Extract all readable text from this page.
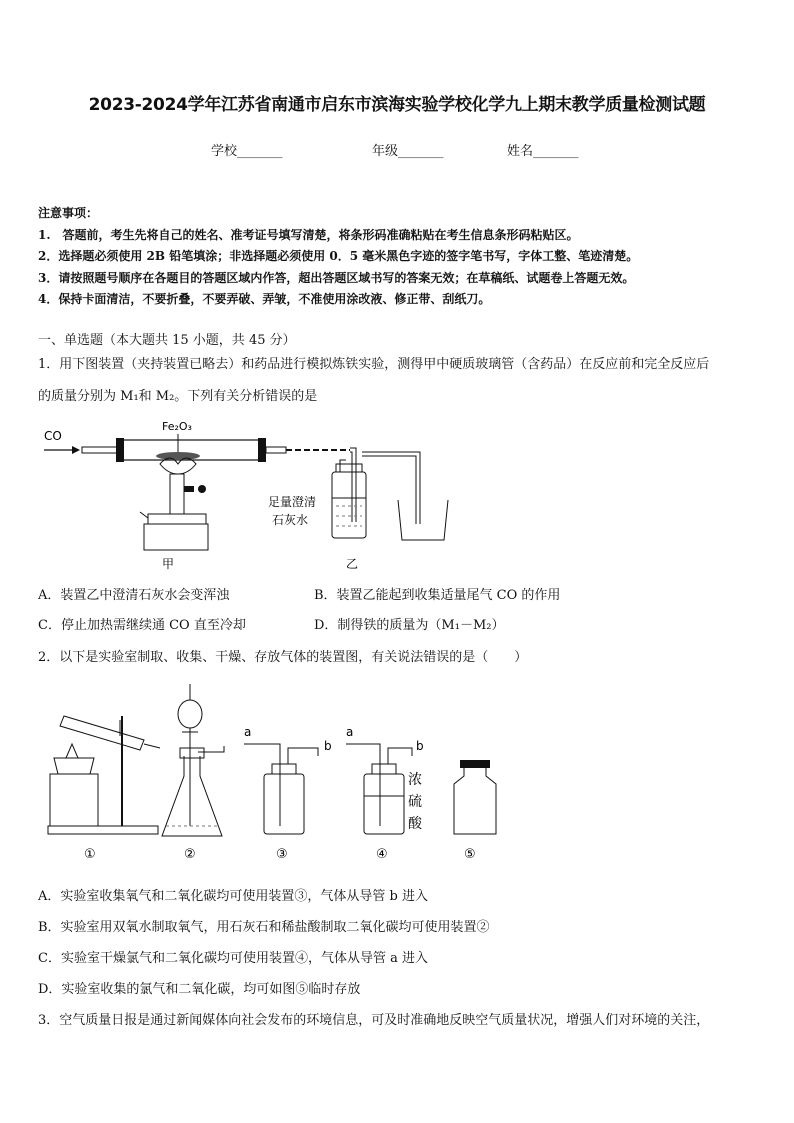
2023-2024学年江苏省南通市启东市滨海实验学校化学九上期末教学质量检测试题
学校_______	年级_______	姓名_______
注意事项：
1.　答题前，考生先将自己的姓名、准考证号填写清楚，将条形码准确粘贴在考生信息条形码粘贴区。
2．选择题必须使用 2B 铅笔填涂；非选择题必须使用 0．5 毫米黑色字迹的签字笔书写，字体工整、笔迹清楚。
3．请按照题号顺序在各题目的答题区域内作答，超出答题区域书写的答案无效；在草稿纸、试题卷上答题无效。
4．保持卡面清洁，不要折叠，不要弄破、弄皱，不准使用涂改液、修正带、刮纸刀。
一、单选题（本大题共 15 小题，共 45 分）
1．用下图装置（夹持装置已略去）和药品进行模拟炼铁实验，测得甲中硬质玻璃管（含药品）在反应前和完全反应后
的质量分别为 M₁和 M₂。下列有关分析错误的是
CO
Fe₂O₃
甲
足量澄清
石灰水
乙
A．装置乙中澄清石灰水会变浑浊	B．装置乙能起到收集适量尾气 CO 的作用
C．停止加热需继续通 CO 直至冷却	D．制得铁的质量为（M₁－M₂）
2．以下是实验室制取、收集、干燥、存放气体的装置图，有关说法错误的是（　　）
①	②
a
b
③
a
b
浓
硫
酸
④	⑤
A．实验室收集氧气和二氧化碳均可使用装置③，气体从导管 b 进入
B．实验室用双氧水制取氧气，用石灰石和稀盐酸制取二氧化碳均可使用装置②
C．实验室干燥氯气和二氧化碳均可使用装置④，气体从导管 a 进入
D．实验室收集的氯气和二氧化碳，均可如图⑤临时存放
3．空气质量日报是通过新闻媒体向社会发布的环境信息，可及时准确地反映空气质量状况，增强人们对环境的关注，
